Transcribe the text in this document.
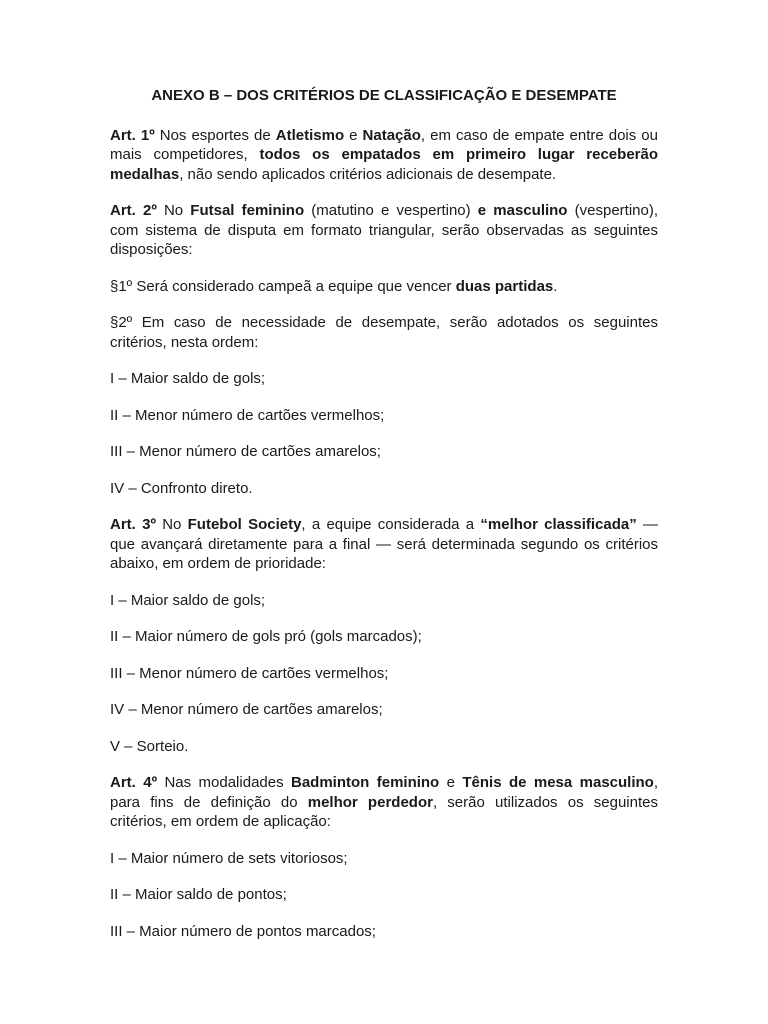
ANEXO B – DOS CRITÉRIOS DE CLASSIFICAÇÃO E DESEMPATE
Art. 1º Nos esportes de Atletismo e Natação, em caso de empate entre dois ou mais competidores, todos os empatados em primeiro lugar receberão medalhas, não sendo aplicados critérios adicionais de desempate.
Art. 2º No Futsal feminino (matutino e vespertino) e masculino (vespertino), com sistema de disputa em formato triangular, serão observadas as seguintes disposições:
§1º Será considerado campeã a equipe que vencer duas partidas.
§2º Em caso de necessidade de desempate, serão adotados os seguintes critérios, nesta ordem:
I – Maior saldo de gols;
II – Menor número de cartões vermelhos;
III – Menor número de cartões amarelos;
IV – Confronto direto.
Art. 3º No Futebol Society, a equipe considerada a “melhor classificada” — que avançará diretamente para a final — será determinada segundo os critérios abaixo, em ordem de prioridade:
I – Maior saldo de gols;
II – Maior número de gols pró (gols marcados);
III – Menor número de cartões vermelhos;
IV – Menor número de cartões amarelos;
V – Sorteio.
Art. 4º Nas modalidades Badminton feminino e Tênis de mesa masculino, para fins de definição do melhor perdedor, serão utilizados os seguintes critérios, em ordem de aplicação:
I – Maior número de sets vitoriosos;
II – Maior saldo de pontos;
III – Maior número de pontos marcados;
